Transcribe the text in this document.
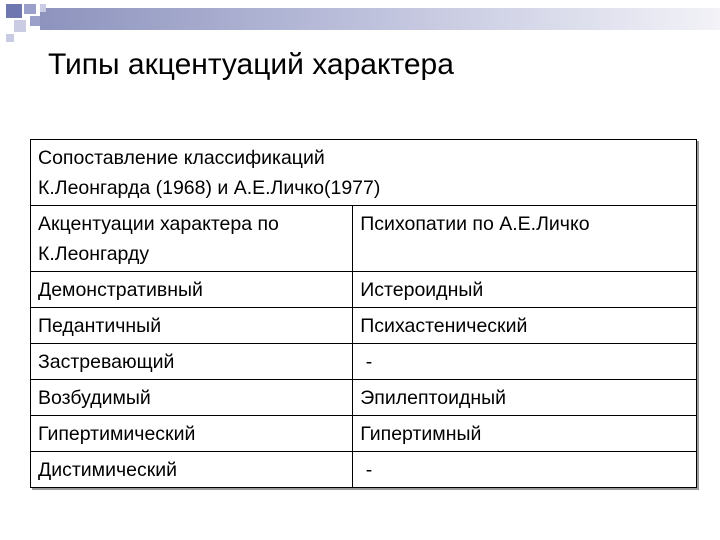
Типы акцентуаций характера
Сопоставление классификаций
К.Леонгарда (1968) и А.Е.Личко(1977)	

Акцентуации характера по
К.Леонгарду	Психопатии по А.Е.Личко

Демонстративный	Истероидный
Педантичный	Психастенический
Застревающий	-
Возбудимый	Эпилептоидный
Гипертимический	Гипертимный
Дистимический	-
